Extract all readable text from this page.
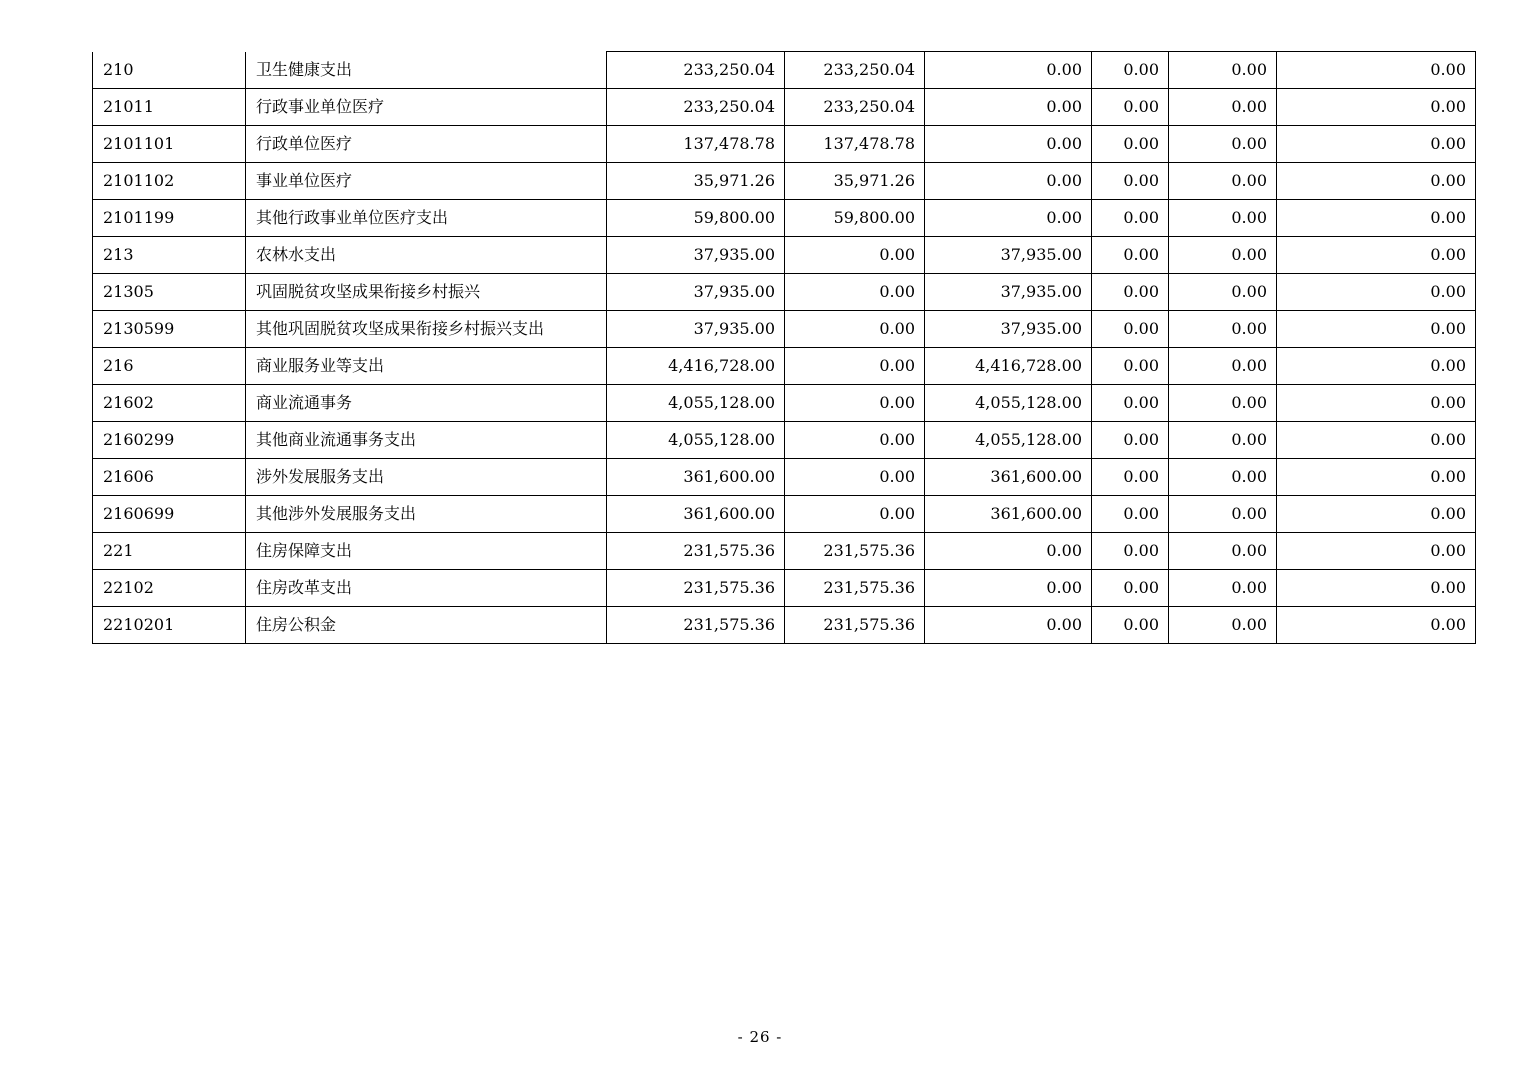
210	卫生健康支出	233,250.04	233,250.04	0.00	0.00	0.00	0.00
21011	行政事业单位医疗	233,250.04	233,250.04	0.00	0.00	0.00	0.00
2101101	行政单位医疗	137,478.78	137,478.78	0.00	0.00	0.00	0.00
2101102	事业单位医疗	35,971.26	35,971.26	0.00	0.00	0.00	0.00
2101199	其他行政事业单位医疗支出	59,800.00	59,800.00	0.00	0.00	0.00	0.00
213	农林水支出	37,935.00	0.00	37,935.00	0.00	0.00	0.00
21305	巩固脱贫攻坚成果衔接乡村振兴	37,935.00	0.00	37,935.00	0.00	0.00	0.00
2130599	其他巩固脱贫攻坚成果衔接乡村振兴支出	37,935.00	0.00	37,935.00	0.00	0.00	0.00
216	商业服务业等支出	4,416,728.00	0.00	4,416,728.00	0.00	0.00	0.00
21602	商业流通事务	4,055,128.00	0.00	4,055,128.00	0.00	0.00	0.00
2160299	其他商业流通事务支出	4,055,128.00	0.00	4,055,128.00	0.00	0.00	0.00
21606	涉外发展服务支出	361,600.00	0.00	361,600.00	0.00	0.00	0.00
2160699	其他涉外发展服务支出	361,600.00	0.00	361,600.00	0.00	0.00	0.00
221	住房保障支出	231,575.36	231,575.36	0.00	0.00	0.00	0.00
22102	住房改革支出	231,575.36	231,575.36	0.00	0.00	0.00	0.00
2210201	住房公积金	231,575.36	231,575.36	0.00	0.00	0.00	0.00
- 26 -
